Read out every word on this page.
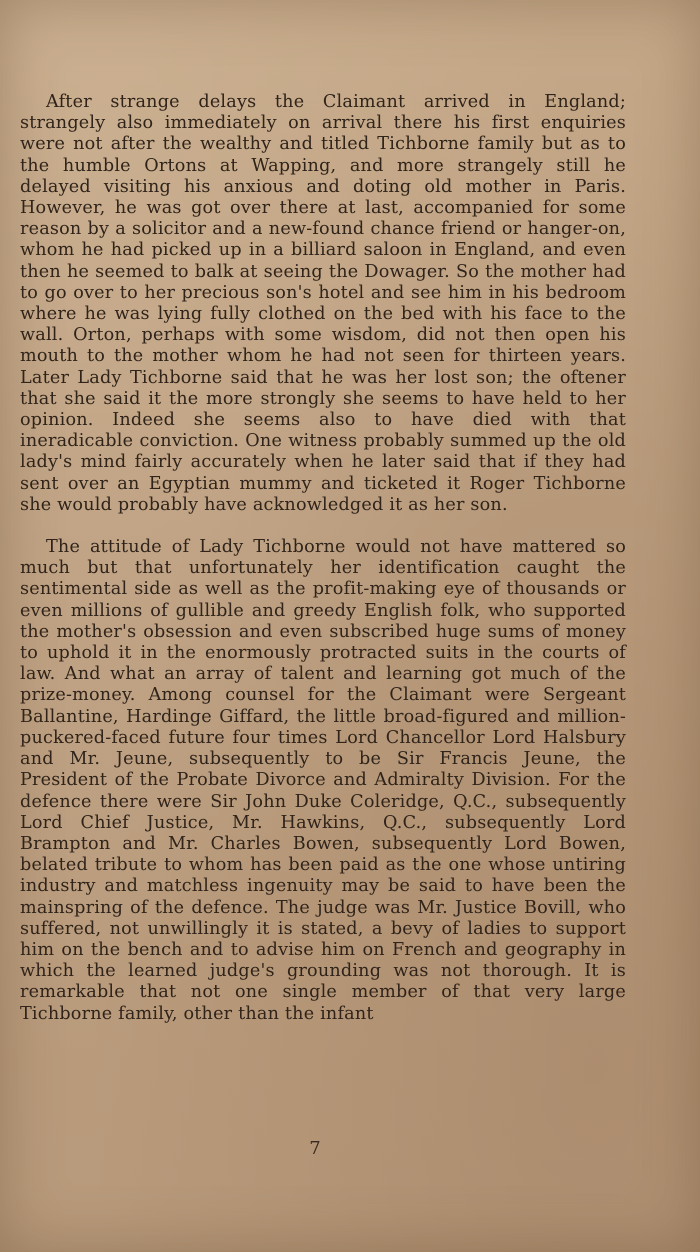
After strange delays the Claimant arrived in England; strangely also immediately on arrival there his first enquiries were not after the wealthy and titled Tichborne family but as to the humble Ortons at Wapping, and more strangely still he delayed visiting his anxious and doting old mother in Paris. However, he was got over there at last, accompanied for some reason by a solicitor and a new-found chance friend or hanger-on, whom he had picked up in a billiard saloon in England, and even then he seemed to balk at seeing the Dowager. So the mother had to go over to her precious son's hotel and see him in his bedroom where he was lying fully clothed on the bed with his face to the wall. Orton, perhaps with some wisdom, did not then open his mouth to the mother whom he had not seen for thirteen years. Later Lady Tichborne said that he was her lost son; the oftener that she said it the more strongly she seems to have held to her opinion. Indeed she seems also to have died with that ineradicable conviction. One witness probably summed up the old lady's mind fairly accurately when he later said that if they had sent over an Egyptian mummy and ticketed it Roger Tichborne she would probably have acknowledged it as her son.

The attitude of Lady Tichborne would not have mattered so much but that unfortunately her identification caught the sentimental side as well as the profit-making eye of thousands or even millions of gullible and greedy English folk, who supported the mother's obsession and even subscribed huge sums of money to uphold it in the enormously protracted suits in the courts of law. And what an array of talent and learning got much of the prize-money. Among counsel for the Claimant were Sergeant Ballantine, Hardinge Giffard, the little broad-figured and million-puckered-faced future four times Lord Chancellor Lord Halsbury and Mr. Jeune, subsequently to be Sir Francis Jeune, the President of the Probate Divorce and Admiralty Division. For the defence there were Sir John Duke Coleridge, Q.C., subsequently Lord Chief Justice, Mr. Hawkins, Q.C., subsequently Lord Brampton and Mr. Charles Bowen, subsequently Lord Bowen, belated tribute to whom has been paid as the one whose untiring industry and matchless ingenuity may be said to have been the mainspring of the defence. The judge was Mr. Justice Bovill, who suffered, not unwillingly it is stated, a bevy of ladies to support him on the bench and to advise him on French and geography in which the learned judge's grounding was not thorough. It is remarkable that not one single member of that very large Tichborne family, other than the infant

7
